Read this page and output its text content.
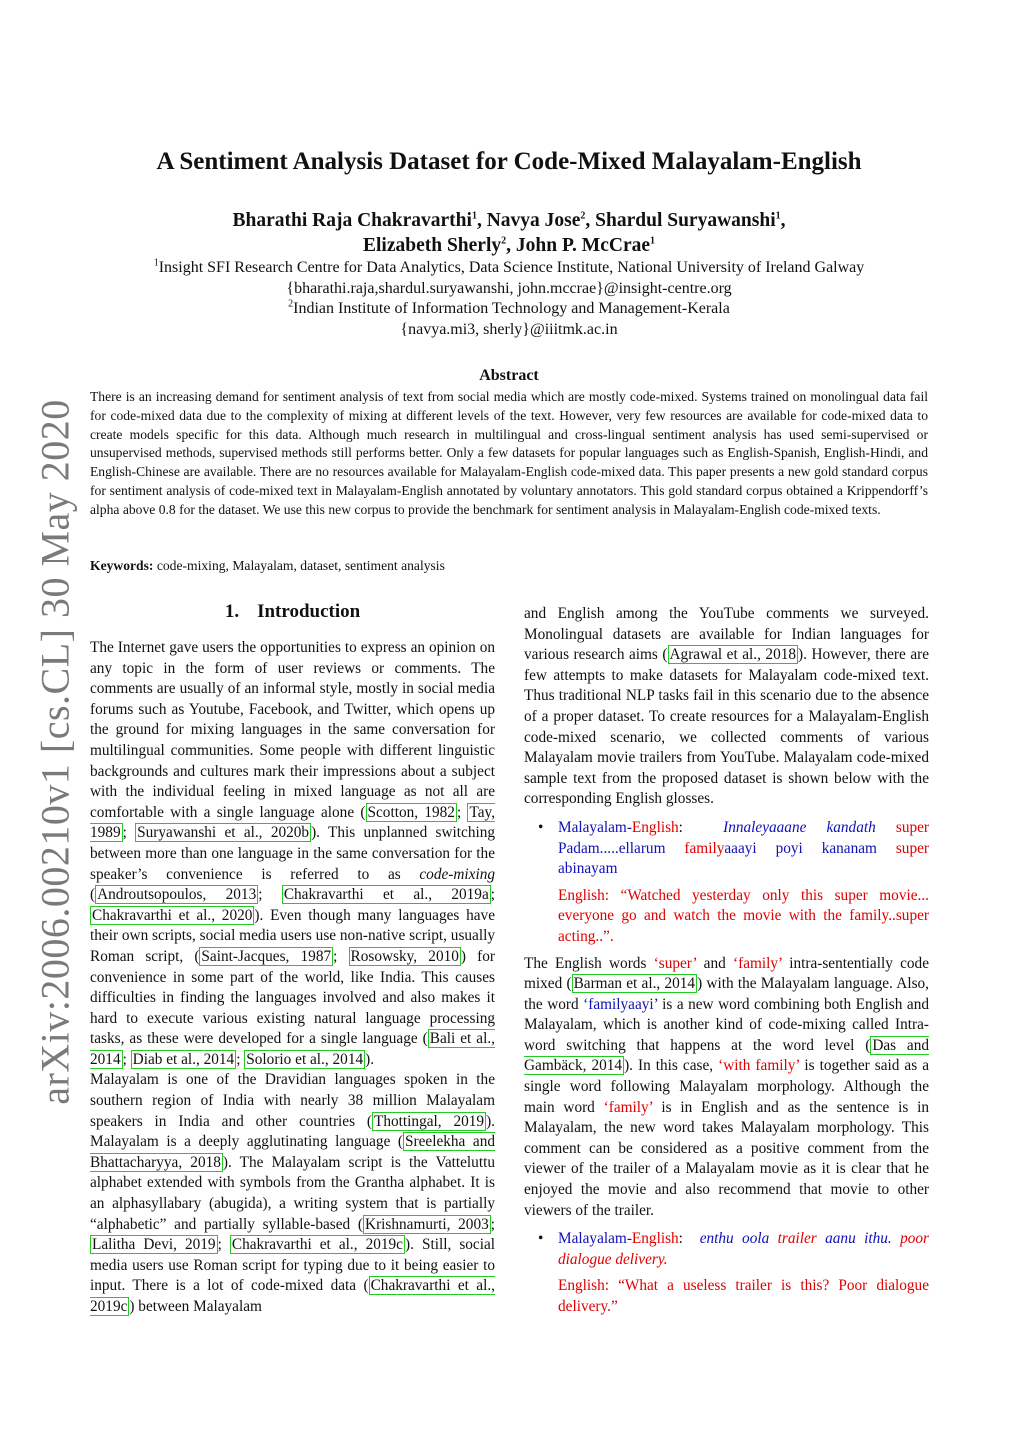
arXiv:2006.00210v1 [cs.CL] 30 May 2020
A Sentiment Analysis Dataset for Code-Mixed Malayalam-English
Bharathi Raja Chakravarthi$^1$, Navya Jose$^2$, Shardul Suryawanshi$^1$,
Elizabeth Sherly$^2$, John P. McCrae$^1$
$^1$Insight SFI Research Centre for Data Analytics, Data Science Institute, National University of Ireland Galway
{bharathi.raja,shardul.suryawanshi, john.mccrae}@insight-centre.org
$^2$Indian Institute of Information Technology and Management-Kerala
{navya.mi3, sherly}@iiitmk.ac.in
Abstract
There is an increasing demand for sentiment analysis of text from social media which are mostly code-mixed. Systems trained on monolingual data fail for code-mixed data due to the complexity of mixing at different levels of the text. However, very few resources are available for code-mixed data to create models specific for this data. Although much research in multilingual and cross-lingual sentiment analysis has used semi-supervised or unsupervised methods, supervised methods still performs better. Only a few datasets for popular languages such as English-Spanish, English-Hindi, and English-Chinese are available. There are no resources available for Malayalam-English code-mixed data. This paper presents a new gold standard corpus for sentiment analysis of code-mixed text in Malayalam-English annotated by voluntary annotators. This gold standard corpus obtained a Krippendorff’s alpha above 0.8 for the dataset. We use this new corpus to provide the benchmark for sentiment analysis in Malayalam-English code-mixed texts.
Keywords: code-mixing, Malayalam, dataset, sentiment analysis
1. Introduction

The Internet gave users the opportunities to express an opinion on any topic in the form of user reviews or comments. The comments are usually of an informal style, mostly in social media forums such as Youtube, Facebook, and Twitter, which opens up the ground for mixing languages in the same conversation for multilingual communities. Some people with different linguistic backgrounds and cultures mark their impressions about a subject with the individual feeling in mixed language as not all are comfortable with a single language alone ( Scotton, 1982 ; Tay, 1989 ; Suryawanshi et al., 2020b ). This unplanned switching between more than one language in the same conversation for the speaker’s convenience is referred to as code-mixing ( Androutsopoulos, 2013 ; Chakravarthi et al., 2019a ; Chakravarthi et al., 2020 ). Even though many languages have their own scripts, social media users use non-native script, usually Roman script, ( Saint-Jacques, 1987 ; Rosowsky, 2010 ) for convenience in some part of the world, like India. This causes difficulties in finding the languages involved and also makes it hard to execute various existing natural language processing tasks, as these were developed for a single language ( Bali et al., 2014 ; Diab et al., 2014 ; Solorio et al., 2014 ).

Malayalam is one of the Dravidian languages spoken in the southern region of India with nearly 38 million Malayalam speakers in India and other countries ( Thottingal, 2019 ). Malayalam is a deeply agglutinating language ( Sreelekha and Bhattacharyya, 2018 ). The Malayalam script is the Vatteluttu alphabet extended with symbols from the Grantha alphabet. It is an alphasyllabary (abugida), a writing system that is partially “alphabetic” and partially syllable-based ( Krishnamurti, 2003 ; Lalitha Devi, 2019 ; Chakravarthi et al., 2019c ). Still, social media users use Roman script for typing due to it being easier to input. There is a lot of code-mixed data ( Chakravarthi et al., 2019c ) between Malayalam

and English among the YouTube comments we surveyed. Monolingual datasets are available for Indian languages for various research aims ( Agrawal et al., 2018 ). However, there are few attempts to make datasets for Malayalam code-mixed text. Thus traditional NLP tasks fail in this scenario due to the absence of a proper dataset. To create resources for a Malayalam-English code-mixed scenario, we collected comments of various Malayalam movie trailers from YouTube. Malayalam code-mixed sample text from the proposed dataset is shown below with the corresponding English glosses.

• Malayalam-English:	Innaleyaaane kandath super Padam.....ellarum familyaaayi poyi kananam super abinayam

English: “Watched yesterday only this super movie... everyone go and watch the movie with the family..super acting..”.

The English words ‘super’ and ‘family’ intra-sententially code mixed ( Barman et al., 2014 ) with the Malayalam language. Also, the word ‘familyaayi’ is a new word combining both English and Malayalam, which is another kind of code-mixing called Intra-word switching that happens at the word level ( Das and Gambäck, 2014 ). In this case, ‘with family’ is together said as a single word following Malayalam morphology. Although the main word ‘family’ is in English and as the sentence is in Malayalam, the new word takes Malayalam morphology. This comment can be considered as a positive comment from the viewer of the trailer of a Malayalam movie as it is clear that he enjoyed the movie and also recommend that movie to other viewers of the trailer.

• Malayalam-English: enthu oola trailer aanu ithu. poor dialogue delivery.

English: “What a useless trailer is this? Poor dialogue delivery.”
